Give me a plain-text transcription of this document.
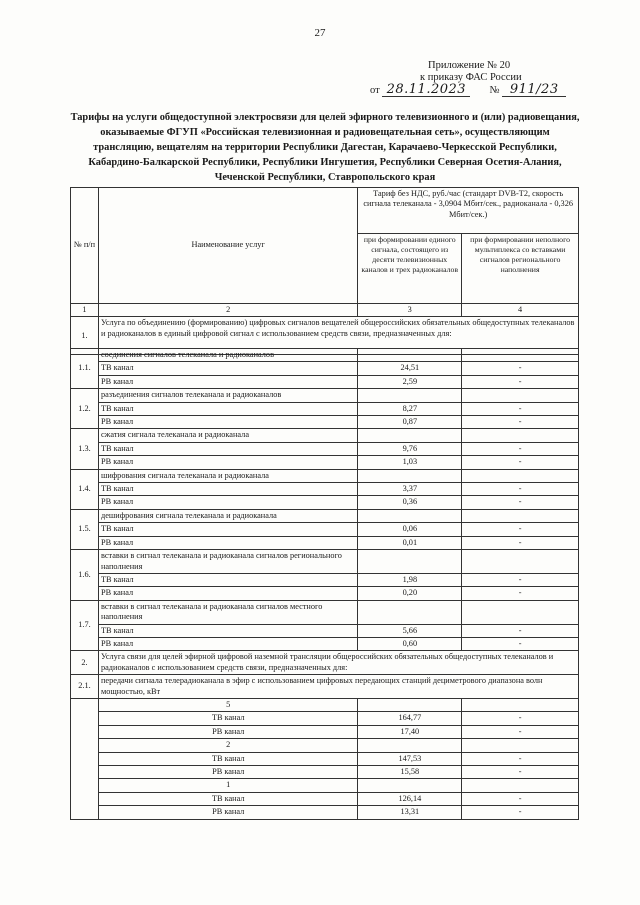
27
Приложение № 20
к приказу ФАС России
от 28.11.2023 № 911/23
Тарифы на услуги общедоступной электросвязи для целей эфирного телевизионного и (или) радиовещания, оказываемые ФГУП «Российская телевизионная и радиовещательная сеть», осуществляющим трансляцию, вещателям на территории Республики Дагестан, Карачаево-Черкесской Республики, Кабардино-Балкарской Республики, Республики Ингушетия, Республики Северная Осетия-Алания, Чеченской Республики, Ставропольского края
№ п/п	Наименование услуг	Тариф без НДС, руб./час (стандарт DVB-T2, скорость сигнала телеканала - 3,0904 Мбит/сек., радиоканала - 0,326 Мбит/сек.)	
		при формировании единого сигнала, состоящего из десяти телевизионных каналов и трех радиоканалов	при формировании неполного мультиплекса со вставками сигналов регионального наполнения
1	2	3	4
1.	Услуга по объединению (формированию) цифровых сигналов вещателей общероссийских обязательных общедоступных телеканалов и радиоканалов в единый цифровой сигнал с использованием средств связи, предназначенных для:		
1.1.	соединения сигналов телеканала и радиоканалов		
	ТВ канал	24,51	-
	РВ канал	2,59	-
1.2.	разъединения сигналов телеканала и радиоканалов		
	ТВ канал	8,27	-
	РВ канал	0,87	-
1.3.	сжатия сигнала телеканала и радиоканала		
	ТВ канал	9,76	-
	РВ канал	1,03	-
1.4.	шифрования сигнала телеканала и радиоканала		
	ТВ канал	3,37	-
	РВ канал	0,36	-
1.5.	дешифрования сигнала телеканала и радиоканала		
	ТВ канал	0,06	-
	РВ канал	0,01	-
1.6.	вставки в сигнал телеканала и радиоканала сигналов регионального наполнения		
	ТВ канал	1,98	-
	РВ канал	0,20	-
1.7.	вставки в сигнал телеканала и радиоканала сигналов местного наполнения		
	ТВ канал	5,66	-
	РВ канал	0,60	-
2.	Услуга связи для целей эфирной цифровой наземной трансляции общероссийских обязательных общедоступных телеканалов и радиоканалов с использованием средств связи, предназначенных для:		
2.1.	передачи сигнала телерадиоканала в эфир с использованием цифровых передающих станций дециметрового диапазона волн мощностью, кВт		
	5		
	ТВ канал	164,77	-
	РВ канал	17,40	-
	2		
	ТВ канал	147,53	-
	РВ канал	15,58	-
	1		
	ТВ канал	126,14	-
	РВ канал	13,31	-
